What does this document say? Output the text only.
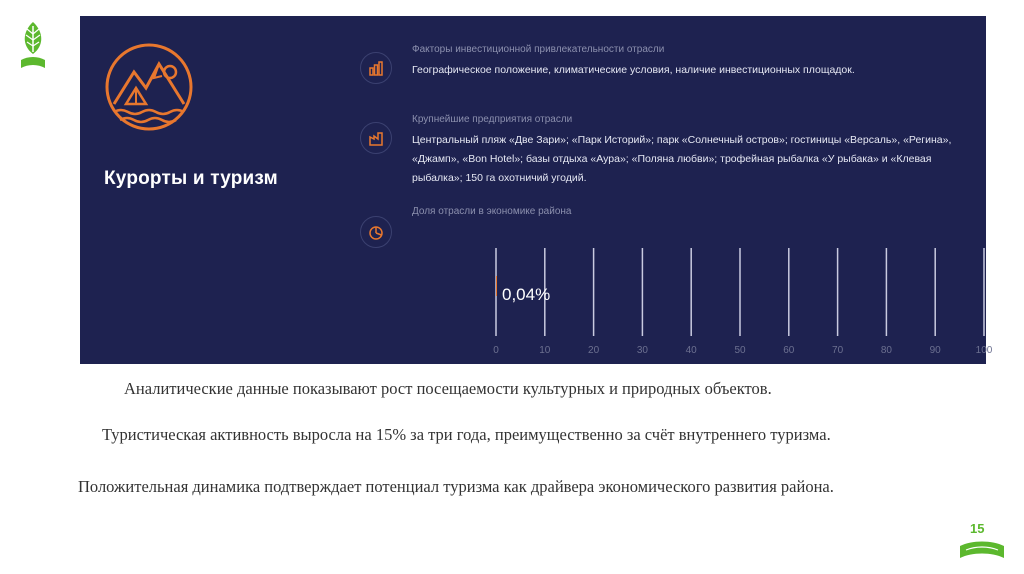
Курорты и туризм
Факторы инвестиционной привлекательности отрасли
Географическое положение, климатические условия, наличие инвестиционных площадок.
Крупнейшие предприятия отрасли
Центральный пляж «Две Зари»; «Парк Историй»; парк «Солнечный остров»; гостиницы «Версаль», «Регина», «Джамп», «Bon Hotel»; базы отдыха «Аура»; «Поляна любви»; трофейная рыбалка «У рыбака» и «Клевая рыбалка»; 150 га охотничий угодий.
Доля отрасли в экономике района
0	10	20	30	40	50	60	70	80	90	100
0,04%
Аналитические данные показывают рост посещаемости культурных и природных объектов.
Туристическая активность выросла на 15% за три года, преимущественно за счёт внутреннего туризма.
Положительная динамика подтверждает потенциал туризма как драйвера экономического развития района.
15
